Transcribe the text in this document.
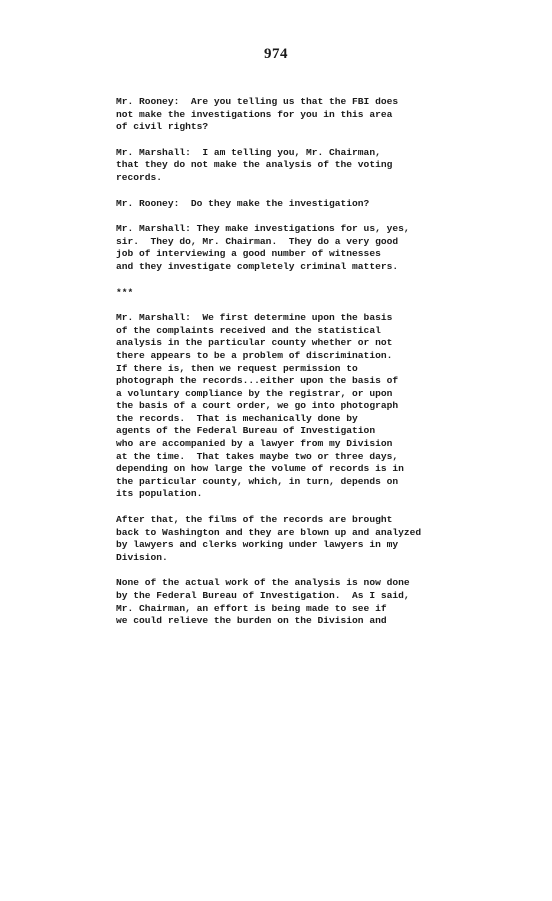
974

Mr. Rooney:  Are you telling us that the FBI does
not make the investigations for you in this area
of civil rights?

Mr. Marshall:  I am telling you, Mr. Chairman,
that they do not make the analysis of the voting
records.

Mr. Rooney:  Do they make the investigation?

Mr. Marshall: They make investigations for us, yes,
sir.  They do, Mr. Chairman.  They do a very good
job of interviewing a good number of witnesses
and they investigate completely criminal matters.

***

Mr. Marshall:  We first determine upon the basis
of the complaints received and the statistical
analysis in the particular county whether or not
there appears to be a problem of discrimination.
If there is, then we request permission to
photograph the records...either upon the basis of
a voluntary compliance by the registrar, or upon
the basis of a court order, we go into photograph
the records.  That is mechanically done by
agents of the Federal Bureau of Investigation
who are accompanied by a lawyer from my Division
at the time.  That takes maybe two or three days,
depending on how large the volume of records is in
the particular county, which, in turn, depends on
its population.

After that, the films of the records are brought
back to Washington and they are blown up and analyzed
by lawyers and clerks working under lawyers in my
Division.

None of the actual work of the analysis is now done
by the Federal Bureau of Investigation.  As I said,
Mr. Chairman, an effort is being made to see if
we could relieve the burden on the Division and
